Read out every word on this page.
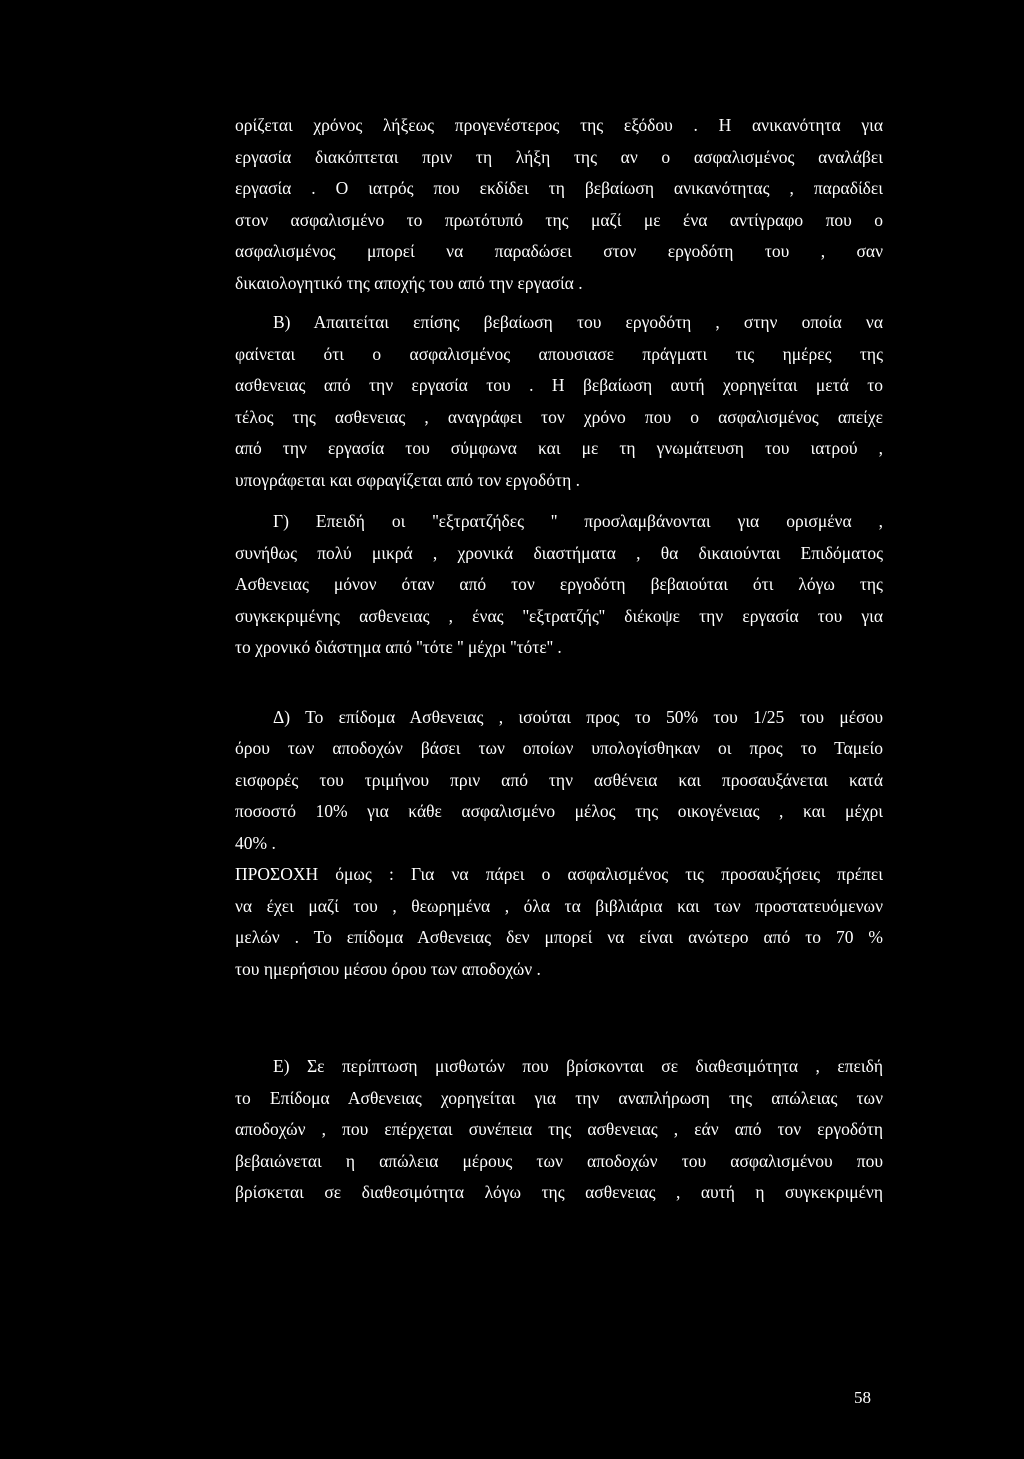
ορίζεται χρόνος λήξεως προγενέστερος της εξόδου . Η ανικανότητα για
εργασία διακόπτεται πριν τη λήξη της αν ο ασφαλισμένος αναλάβει
εργασία . Ο ιατρός που εκδίδει τη βεβαίωση ανικανότητας , παραδίδει
στον ασφαλισμένο το πρωτότυπό της μαζί με ένα αντίγραφο που ο
ασφαλισμένος μπορεί να παραδώσει στον εργοδότη του , σαν
δικαιολογητικό της αποχής του από την εργασία .

Β) Απαιτείται επίσης βεβαίωση του εργοδότη , στην οποία να
φαίνεται ότι ο ασφαλισμένος απουσιασε πράγματι τις ημέρες της
ασθενειας από την εργασία του . Η βεβαίωση αυτή χορηγείται μετά το
τέλος της ασθενειας , αναγράφει τον χρόνο που ο ασφαλισμένος απείχε
από την εργασία του σύμφωνα και με τη γνωμάτευση του ιατρού ,
υπογράφεται και σφραγίζεται από τον εργοδότη .

Γ) Επειδή οι ''εξτρατζήδες '' προσλαμβάνονται για ορισμένα ,
συνήθως πολύ μικρά , χρονικά διαστήματα , θα δικαιούνται Επιδόματος
Ασθενειας μόνον όταν από τον εργοδότη βεβαιούται ότι λόγω της
συγκεκριμένης ασθενειας , ένας ''εξτρατζής'' διέκοψε την εργασία του για
το χρονικό διάστημα από ''τότε '' μέχρι ''τότε'' .

Δ) Το επίδομα Ασθενειας , ισούται προς το 50% του 1/25 του μέσου
όρου των αποδοχών βάσει των οποίων υπολογίσθηκαν οι προς το Ταμείο
εισφορές του τριμήνου πριν από την ασθένεια και προσαυξάνεται κατά
ποσοστό 10% για κάθε ασφαλισμένο μέλος της οικογένειας , και μέχρι
40% .

ΠΡΟΣΟΧΗ όμως : Για να πάρει ο ασφαλισμένος τις προσαυξήσεις πρέπει
να έχει μαζί του , θεωρημένα , όλα τα βιβλιάρια και των προστατευόμενων
μελών . Το επίδομα Ασθενειας δεν μπορεί να είναι ανώτερο από το 70 %
του ημερήσιου μέσου όρου των αποδοχών .

Ε) Σε περίπτωση μισθωτών που βρίσκονται σε διαθεσιμότητα , επειδή
το Επίδομα Ασθενειας χορηγείται για την αναπλήρωση της απώλειας των
αποδοχών , που επέρχεται συνέπεια της ασθενειας , εάν από τον εργοδότη
βεβαιώνεται η απώλεια μέρους των αποδοχών του ασφαλισμένου που
βρίσκεται σε διαθεσιμότητα λόγω της ασθενειας , αυτή η συγκεκριμένη

58
